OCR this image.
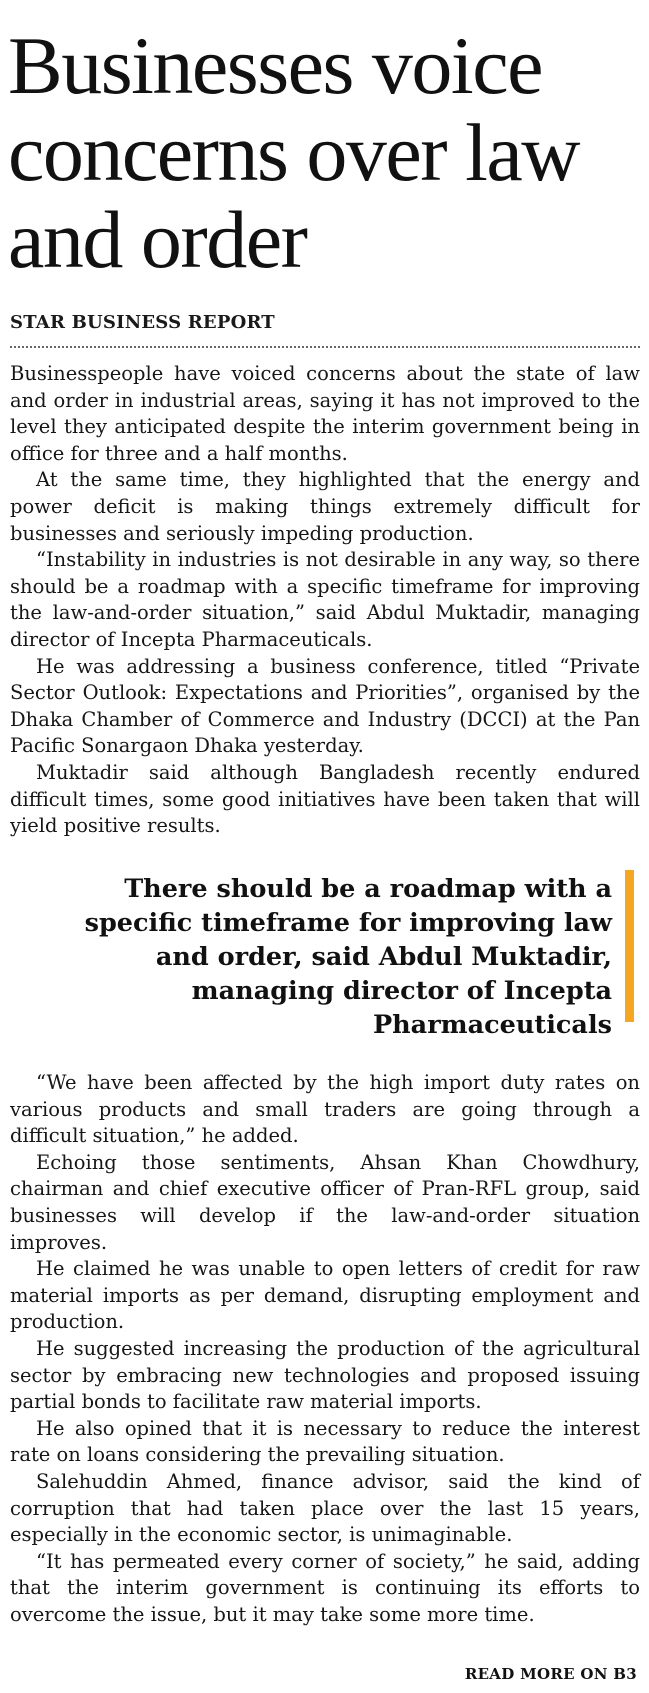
Businesses voice concerns over law and order
STAR BUSINESS REPORT

Businesspeople have voiced concerns about the state of law and order in industrial areas, saying it has not improved to the level they anticipated despite the interim government being in office for three and a half months.

At the same time, they highlighted that the energy and power deficit is making things extremely difficult for businesses and seriously impeding production.

“Instability in industries is not desirable in any way, so there should be a roadmap with a specific timeframe for improving the law-and-order situation,” said Abdul Muktadir, managing director of Incepta Pharmaceuticals.

He was addressing a business conference, titled “Private Sector Outlook: Expectations and Priorities”, organised by the Dhaka Chamber of Commerce and Industry (DCCI) at the Pan Pacific Sonargaon Dhaka yesterday.

Muktadir said although Bangladesh recently endured difficult times, some good initiatives have been taken that will yield positive results.

There should be a roadmap with a specific timeframe for improving law and order, said Abdul Muktadir, managing director of Incepta Pharmaceuticals

“We have been affected by the high import duty rates on various products and small traders are going through a difficult situation,” he added.

Echoing those sentiments, Ahsan Khan Chowdhury, chairman and chief executive officer of Pran-RFL group, said businesses will develop if the law-and-order situation improves.

He claimed he was unable to open letters of credit for raw material imports as per demand, disrupting employment and production.

He suggested increasing the production of the agricultural sector by embracing new technologies and proposed issuing partial bonds to facilitate raw material imports.

He also opined that it is necessary to reduce the interest rate on loans considering the prevailing situation.

Salehuddin Ahmed, finance advisor, said the kind of corruption that had taken place over the last 15 years, especially in the economic sector, is unimaginable.

“It has permeated every corner of society,” he said, adding that the interim government is continuing its efforts to overcome the issue, but it may take some more time.

READ MORE ON B3
